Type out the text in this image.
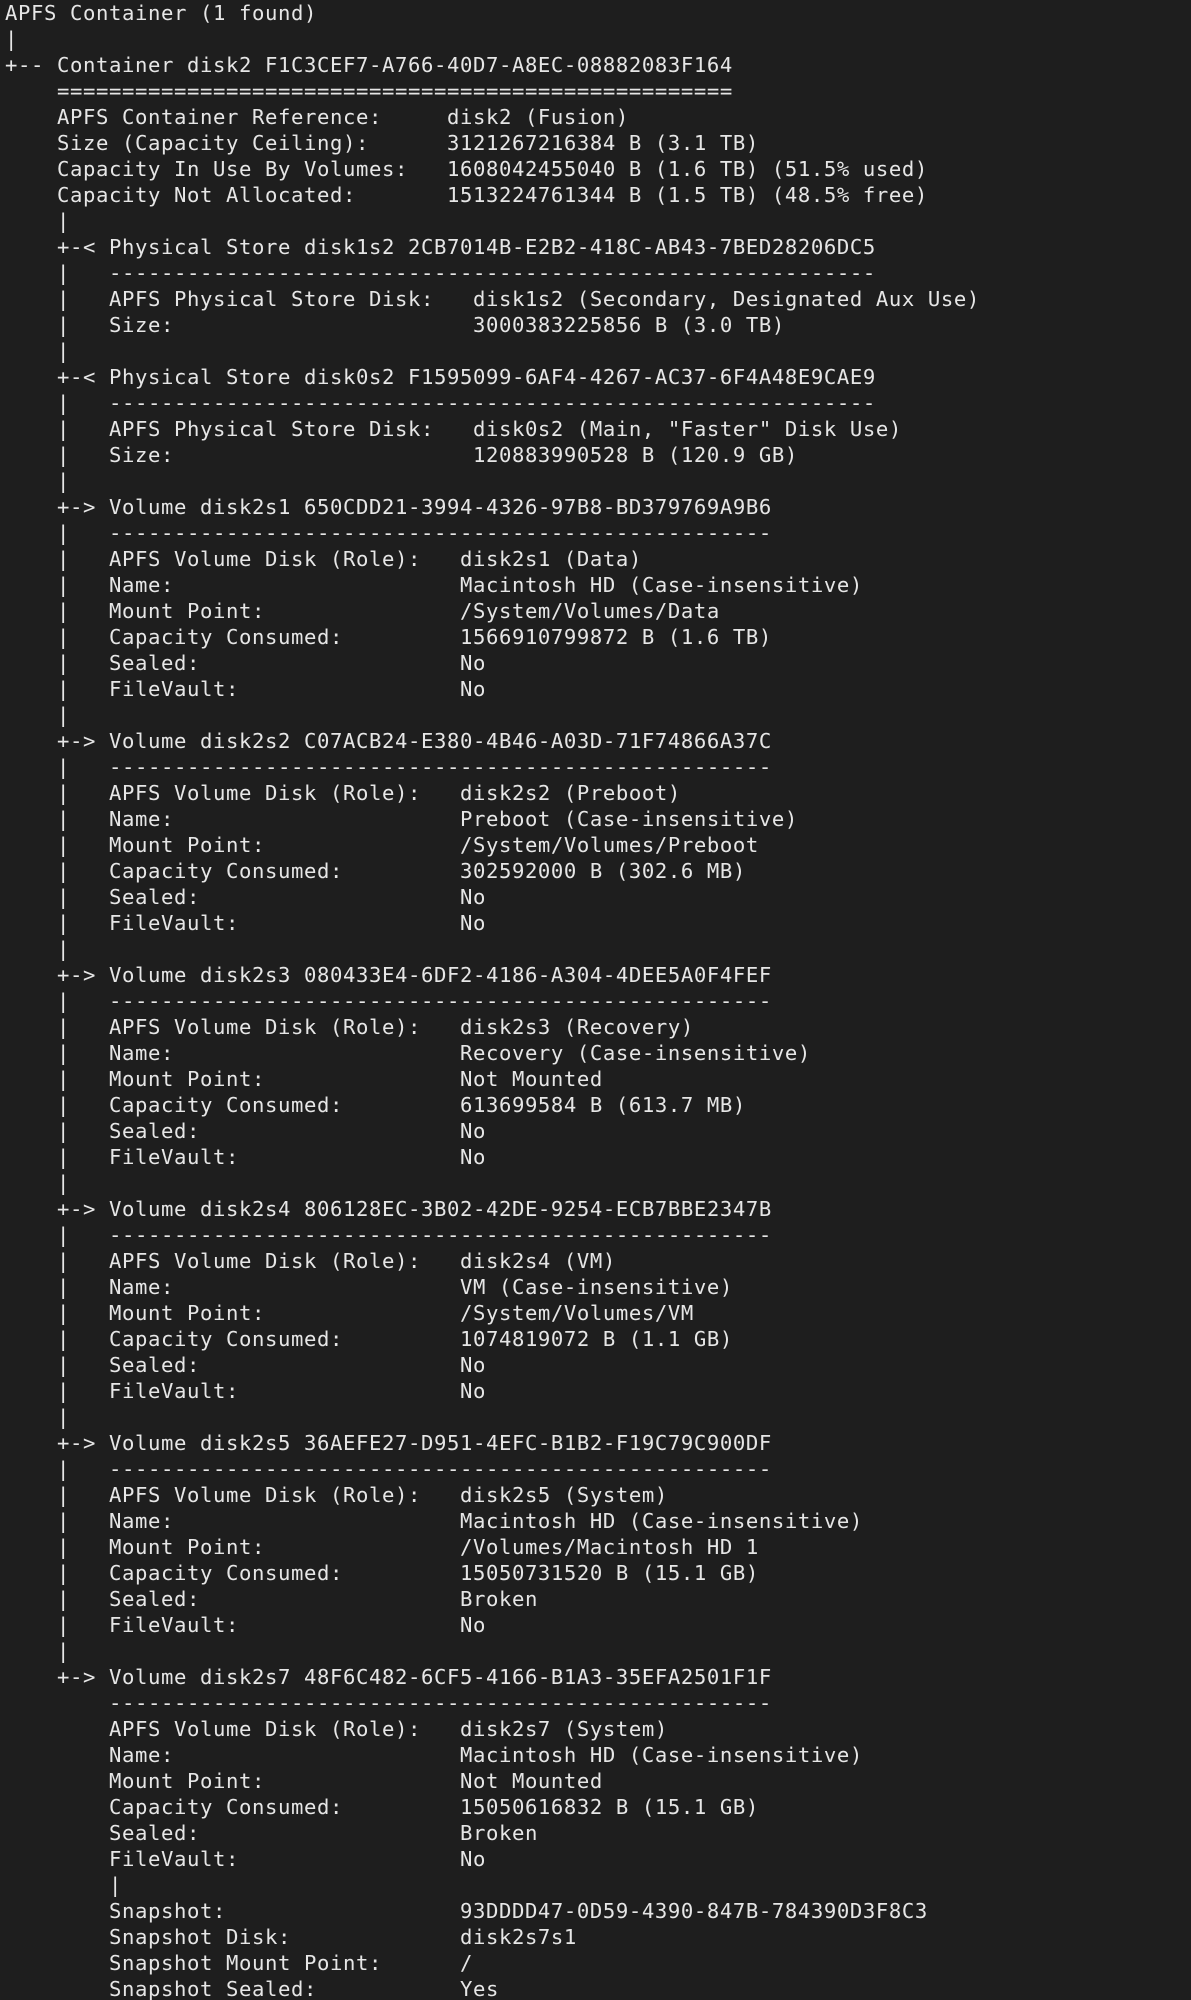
APFS Container (1 found)
|
+-- Container disk2 F1C3CEF7-A766-40D7-A8EC-08882083F164
====================================================
APFS Container Reference:     disk2 (Fusion)
Size (Capacity Ceiling):      3121267216384 B (3.1 TB)
Capacity In Use By Volumes:   1608042455040 B (1.6 TB) (51.5% used)
Capacity Not Allocated:       1513224761344 B (1.5 TB) (48.5% free)
|
+-< Physical Store disk1s2 2CB7014B-E2B2-418C-AB43-7BED28206DC5
|   -----------------------------------------------------------
|   APFS Physical Store Disk:   disk1s2 (Secondary, Designated Aux Use)
|   Size:                       3000383225856 B (3.0 TB)
|
+-< Physical Store disk0s2 F1595099-6AF4-4267-AC37-6F4A48E9CAE9
|   -----------------------------------------------------------
|   APFS Physical Store Disk:   disk0s2 (Main, "Faster" Disk Use)
|   Size:                       120883990528 B (120.9 GB)
|
+-> Volume disk2s1 650CDD21-3994-4326-97B8-BD379769A9B6
|   ---------------------------------------------------
|   APFS Volume Disk (Role):   disk2s1 (Data)
|   Name:                      Macintosh HD (Case-insensitive)
|   Mount Point:               /System/Volumes/Data
|   Capacity Consumed:         1566910799872 B (1.6 TB)
|   Sealed:                    No
|   FileVault:                 No
|
+-> Volume disk2s2 C07ACB24-E380-4B46-A03D-71F74866A37C
|   ---------------------------------------------------
|   APFS Volume Disk (Role):   disk2s2 (Preboot)
|   Name:                      Preboot (Case-insensitive)
|   Mount Point:               /System/Volumes/Preboot
|   Capacity Consumed:         302592000 B (302.6 MB)
|   Sealed:                    No
|   FileVault:                 No
|
+-> Volume disk2s3 080433E4-6DF2-4186-A304-4DEE5A0F4FEF
|   ---------------------------------------------------
|   APFS Volume Disk (Role):   disk2s3 (Recovery)
|   Name:                      Recovery (Case-insensitive)
|   Mount Point:               Not Mounted
|   Capacity Consumed:         613699584 B (613.7 MB)
|   Sealed:                    No
|   FileVault:                 No
|
+-> Volume disk2s4 806128EC-3B02-42DE-9254-ECB7BBE2347B
|   ---------------------------------------------------
|   APFS Volume Disk (Role):   disk2s4 (VM)
|   Name:                      VM (Case-insensitive)
|   Mount Point:               /System/Volumes/VM
|   Capacity Consumed:         1074819072 B (1.1 GB)
|   Sealed:                    No
|   FileVault:                 No
|
+-> Volume disk2s5 36AEFE27-D951-4EFC-B1B2-F19C79C900DF
|   ---------------------------------------------------
|   APFS Volume Disk (Role):   disk2s5 (System)
|   Name:                      Macintosh HD (Case-insensitive)
|   Mount Point:               /Volumes/Macintosh HD 1
|   Capacity Consumed:         15050731520 B (15.1 GB)
|   Sealed:                    Broken
|   FileVault:                 No
|
+-> Volume disk2s7 48F6C482-6CF5-4166-B1A3-35EFA2501F1F
---------------------------------------------------
APFS Volume Disk (Role):   disk2s7 (System)
Name:                      Macintosh HD (Case-insensitive)
Mount Point:               Not Mounted
Capacity Consumed:         15050616832 B (15.1 GB)
Sealed:                    Broken
FileVault:                 No
|
Snapshot:                  93DDDD47-0D59-4390-847B-784390D3F8C3
Snapshot Disk:             disk2s7s1
Snapshot Mount Point:      /
Snapshot Sealed:           Yes
